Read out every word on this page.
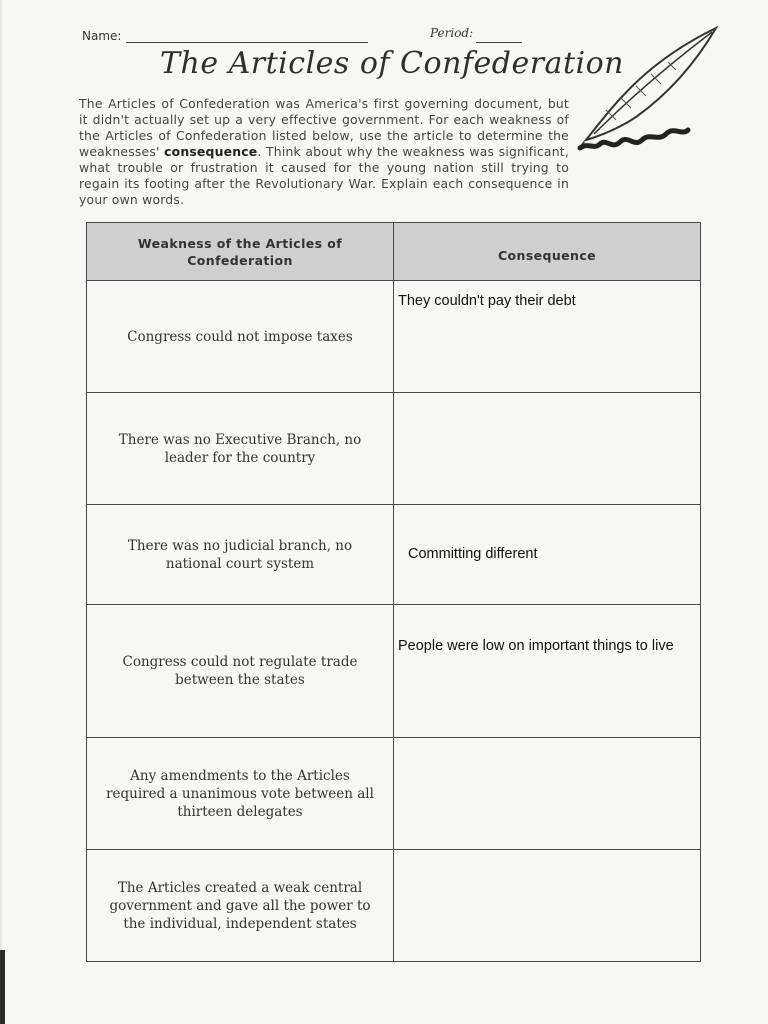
Name:	Period:
The Articles of Confederation
The Articles of Confederation was America's first governing document, but it didn't actually set up a very effective government. For each weakness of the Articles of Confederation listed below, use the article to determine the weaknesses' consequence. Think about why the weakness was significant, what trouble or frustration it caused for the young nation still trying to regain its footing after the Revolutionary War. Explain each consequence in your own words.
Weakness of the Articles of Confederation	Consequence
Congress could not impose taxes	They couldn't pay their debt
There was no Executive Branch, no leader for the country	
There was no judicial branch, no national court system	Committing different
Congress could not regulate trade between the states	People were low on important things to live
Any amendments to the Articles required a unanimous vote between all thirteen delegates	
The Articles created a weak central government and gave all the power to the individual, independent states	
